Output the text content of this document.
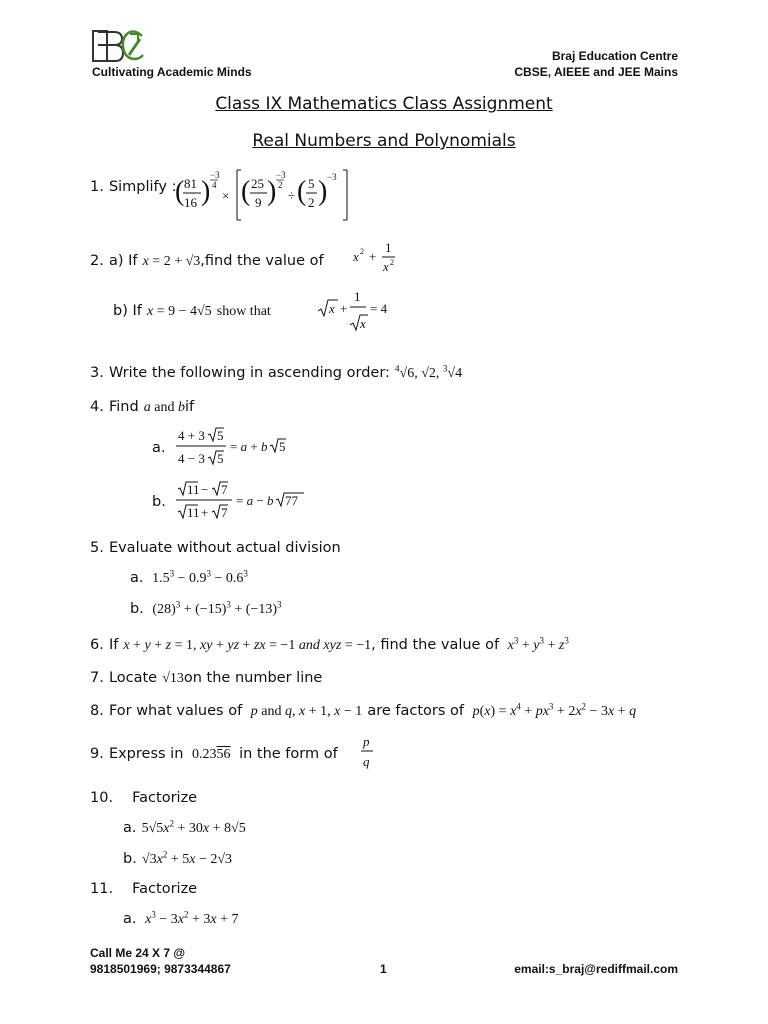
Cultivating Academic Minds
Braj Education Centre
CBSE, AIEEE and JEE Mains
Class IX Mathematics Class Assignment
Real Numbers and Polynomials
1. Simplify :
( 81
16 )
−3
4
× ( 25
9 )
−3
2
÷ ( 5
2 ) −3
2. a) If x = 2 + √3,find the value of x 2 +
1
x 2
b) If x = 9 − 4√5 show that	x +
1
x
= 4
3. Write the following in ascending order: $^4$√6, √2, $^3$√4
4. Find a and bif
a.
4 + 3 5
4 − 3 5
= a + b 5
b.
11 − 7
11 + 7
= a − b 77
5. Evaluate without actual division
a.  $1.5^3 - 0.9^3 - 0.6^3$
b.  $(28)^3 + (-15)^3 + (-13)^3$
6. If x + y + z = 1, xy + yz + zx = −1 and xyz = −1, find the value of $x^3 + y^3 + z^3$
7. Locate √13on the number line
8. For what values of p and q, x + 1, x − 1 are factors of $p(x) = x^4 + px^3 + 2x^2 - 3x + q$
9. Express in  0.2356 in the form of
p
q
10. Factorize
a. $5√5x^2 + 30x + 8√5$
b. $√3x^2 + 5x - 2√3$
11. Factorize
a. $x^3 - 3x^2 + 3x + 7$
Call Me 24 X 7 @
9818501969; 9873344867	1	email:s_braj@rediffmail.com
